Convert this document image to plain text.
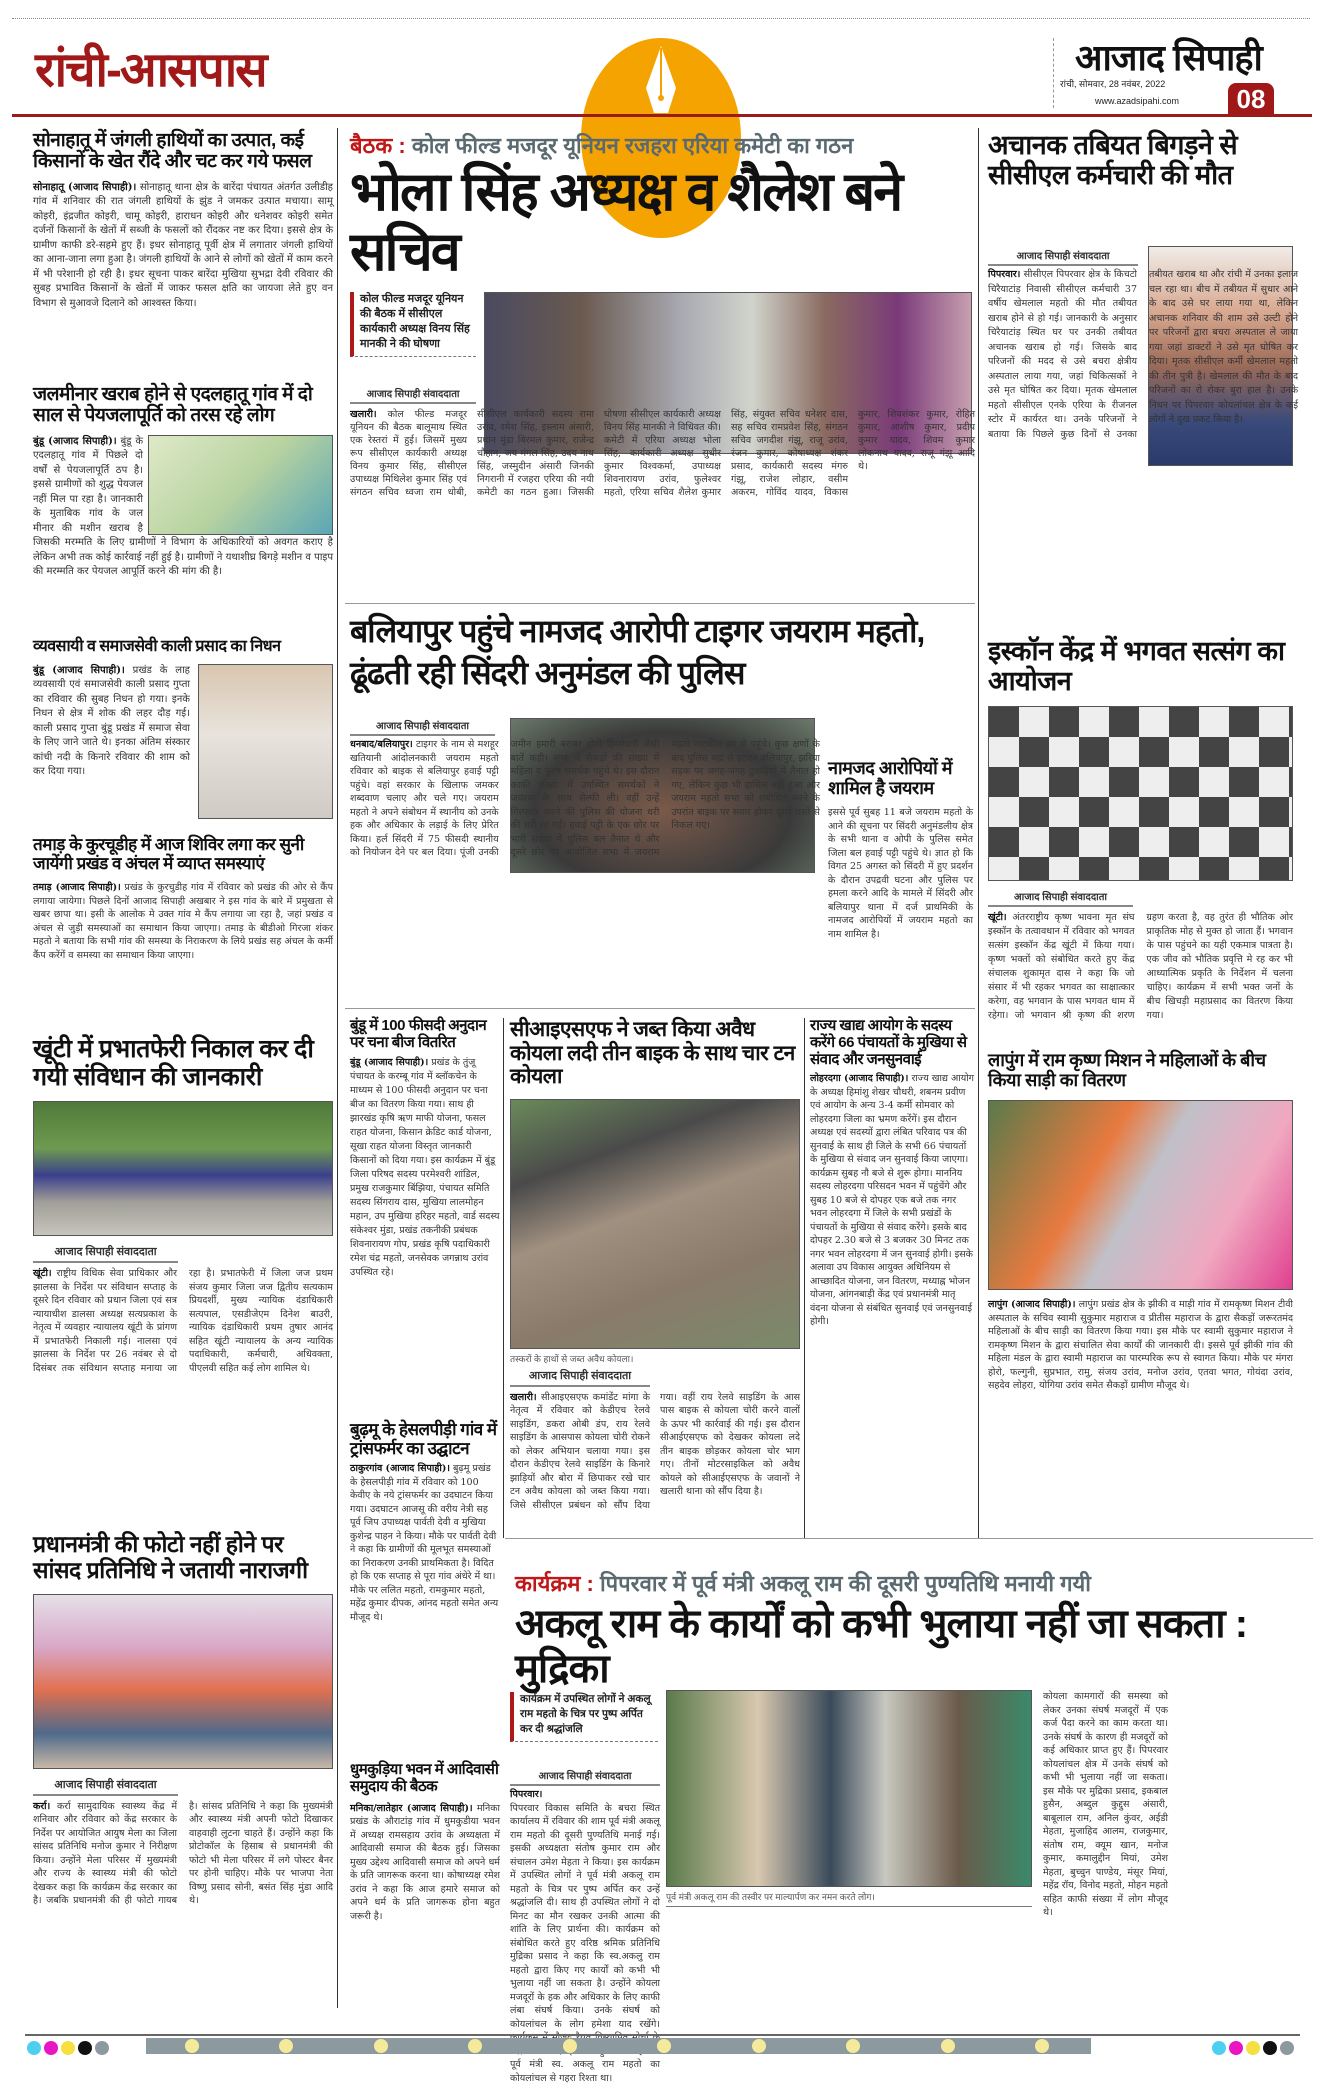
रांची-आसपास	आजाद सिपाही
रांची, सोमवार, 28 नवंबर, 2022
www.azadsipahi.com	08
सोनाहातू में जंगली हाथियों का उत्पात, कई किसानों के खेत रौंदे और चट कर गये फसल
सोनाहातू (आजाद सिपाही)। सोनाहातू थाना क्षेत्र के बारेंदा पंचायत अंतर्गत उलीडीह गांव में शनिवार की रात जंगली हाथियों के झुंड ने जमकर उत्पात मचाया। सामू कोइरी, इंद्रजीत कोइरी, चामू कोइरी, हाराधन कोइरी और धनेशवर कोइरी समेत दर्जनों किसानों के खेतों में सब्जी के फसलों को रौंदकर नष्ट कर दिया। इससे क्षेत्र के ग्रामीण काफी डरे-सहमे हुए हैं। इधर सोनाहातू पूर्वी क्षेत्र में लगातार जंगली हाथियों का आना-जाना लगा हुआ है। जंगली हाथियों के आने से लोगों को खेतों में काम करने में भी परेशानी हो रही है। इधर सूचना पाकर बारेंदा मुखिया सुभद्रा देवी रविवार की सुबह प्रभावित किसानों के खेतों में जाकर फसल क्षति का जायजा लेते हुए वन विभाग से मुआवजे दिलाने को आश्वस्त किया।
जलमीनार खराब होने से एदलहातू गांव में दो साल से पेयजलापूर्ति को तरस रहे लोग
बुंडू (आजाद सिपाही)। बुंडू के एदलहातू गांव में पिछले दो वर्षों से पेयजलापूर्ति ठप है। इससे ग्रामीणों को शुद्ध पेयजल नहीं मिल पा रहा है। जानकारी के मुताबिक गांव के जल मीनार की मशीन खराब है जिसकी मरम्मति के लिए ग्रामीणों ने विभाग के अधिकारियों को अवगत कराए है लेकिन अभी तक कोई कार्रवाई नहीं हुई है। ग्रामीणों ने यथाशीघ्र बिगड़े मशीन व पाइप की मरम्मति कर पेयजल आपूर्ति करने की मांग की है।
व्यवसायी व समाजसेवी काली प्रसाद का निधन
बुंडू (आजाद सिपाही)। प्रखंड के लाह व्यवसायी एवं समाजसेवी काली प्रसाद गुप्ता का रविवार की सुबह निधन हो गया। इनके निधन से क्षेत्र में शोक की लहर दौड़ गई। काली प्रसाद गुप्ता बुंडू प्रखंड में समाज सेवा के लिए जाने जाते थे। इनका अंतिम संस्कार कांची नदी के किनारे रविवार की शाम को कर दिया गया।
तमाड़ के कुरचूडीह में आज शिविर लगा कर सुनी जायेंगी प्रखंड व अंचल में व्याप्त समस्याएं
तमाड़ (आजाद सिपाही)। प्रखंड के कुरचुडीह गांव में रविवार को प्रखंड की ओर से कैंप लगाया जायेगा। पिछले दिनों आजाद सिपाही अखबार ने इस गांव के बारे में प्रमुखता से खबर छापा था। इसी के आलोक मे उक्त गांव मे कैंप लगाया जा रहा है, जहां प्रखंड व अंचल से जुड़ी समस्याओं का समाधान किया जाएगा। तमाड़ के बीडीओ गिरजा शंकर महतो ने बताया कि सभी गांव की समस्या के निराकरण के लिये प्रखंड सह अंचल के कर्मी कैंप करेंगें व समस्या का समाधान किया जाएगा।
खूंटी में प्रभातफेरी निकाल कर दी गयी संविधान की जानकारी
आजाद सिपाही संवाददाता
खूंटी। राष्ट्रीय विधिक सेवा प्राधिकार और झालसा के निर्देश पर संविधान सप्ताह के दूसरे दिन रविवार को प्रधान जिला एवं सत्र न्यायाधीश डालसा अध्यक्ष सत्यप्रकाश के नेतृत्व में व्यवहार न्यायालय खूंटी के प्रांगण में प्रभातफेरी निकाली गई। नालसा एवं झालसा के निर्देश पर 26 नवंबर से दो दिसंबर तक संविधान सप्ताह मनाया जा रहा है। प्रभातफेरी में जिला जज प्रथम संजय कुमार जिला जज द्वितीय सत्यकाम प्रियदर्शी, मुख्य न्यायिक दंडाधिकारी सत्यपाल, एसडीजेएम दिनेश बाउरी, न्यायिक दंडाधिकारी प्रथम तुषार आनंद सहित खूंटी न्यायालय के अन्य न्यायिक पदाधिकारी, कर्मचारी, अधिवक्ता, पीएलवी सहित कई लोग शामिल थे।
प्रधानमंत्री की फोटो नहीं होने पर सांसद प्रतिनिधि ने जतायी नाराजगी
आजाद सिपाही संवाददाता
कर्रा। कर्रा सामुदायिक स्वास्थ्य केंद्र में शनिवार और रविवार को केंद्र सरकार के निर्देश पर आयोजित आयुष मेला का जिला सांसद प्रतिनिधि मनोज कुमार ने निरीक्षण किया। उन्होंने मेला परिसर में मुख्यमंत्री और राज्य के स्वास्थ्य मंत्री की फोटो देखकर कहा कि कार्यक्रम केंद्र सरकार का है। जबकि प्रधानमंत्री की ही फोटो गायब है। सांसद प्रतिनिधि ने कहा कि मुख्यमंत्री और स्वास्थ्य मंत्री अपनी फोटो दिखाकर वाहवाही लुटना चाहते हैं। उन्होंने कहा कि प्रोटोकॉल के हिसाब से प्रधानमंत्री की फोटो भी मेला परिसर में लगे पोस्टर बैनर पर होनी चाहिए। मौके पर भाजपा नेता विष्णु प्रसाद सोनी, बसंत सिंह मुंडा आदि थे।
बैठक : कोल फील्ड मजदूर यूनियन रजहरा एरिया कमेटी का गठन
भोला सिंह अध्यक्ष व शैलेश बने सचिव
कोल फील्ड मजदूर यूनियन की बैठक में सीसीएल कार्यकारी अध्यक्ष विनय सिंह मानकी ने की घोषणा
आजाद सिपाही संवाददाता
खलारी। कोल फील्ड मजदूर यूनियन की बैठक बालूमाथ स्थित एक रेस्तरां में हुई। जिसमें मुख्य रूप सीसीएल कार्यकारी अध्यक्ष विनय कुमार सिंह, सीसीएल उपाध्यक्ष मिथिलेश कुमार सिंह एवं संगठन सचिव ध्वजा राम धोबी, सीसीएल कार्यकारी सदस्य रामा उरांव, रमेश सिंह, इस्लाम अंसारी, प्रधान मुंडा बिरमल कुमार, राजेन्द्र चौहान, जय मंगल सिंह, उदय नाथ सिंह, जस्मुदीन अंसारी जिनकी निगरानी में रजहरा एरिया की नयी कमेटी का गठन हुआ। जिसकी घोषणा सीसीएल कार्यकारी अध्यक्ष विनय सिंह मानकी ने विधिवत की। कमेटी में एरिया अध्यक्ष भोला सिंह, कार्यकारी अध्यक्ष सुधीर कुमार विश्वकर्मा, उपाध्यक्ष शिवनारायण उरांव, फुलेश्वर महतो, एरिया सचिव शैलेश कुमार सिंह, संयुक्त सचिव धनेशर दास, सह सचिव रामप्रवेश सिंह, संगठन सचिव जगदीश गंझू, राजू उरांव, रंजन कुमार, कोषाध्यक्ष शंकर प्रसाद, कार्यकारी सदस्य मंगरु गंझू, राजेश लोहार, वसीम अकरम, गोविंद यादव, विकास कुमार, शिवशंकर कुमार, रोहित कुमार, आशीष कुमार, प्रदीप कुमार यादव, शिवम कुमार लोकनाथ यादव, राजू गंझू आदि थे।
बलियापुर पहुंचे नामजद आरोपी टाइगर जयराम महतो, ढूंढती रही सिंदरी अनुमंडल की पुलिस
आजाद सिपाही संवाददाता
धनबाद/बलियापुर। टाइगर के नाम से मशहूर खतियानी आंदोलनकारी जयराम महतो रविवार को बाइक से बलियापुर हवाई पट्टी पहुंचे। वहां सरकार के खिलाफ जमकर शब्दवाण चलाए और चले गए। जयराम महतो ने अपने संबोधन में स्थानीय को उनके हक और अधिकार के लड़ाई के लिए प्रेरित किया। हर्ल सिंदरी में 75 फीसदी स्थानीय को नियोजन देने पर बल दिया। पूंजी उनकी जमीन हमारी बराबर होगी हिस्सेदारी जैसी बातें कही। सभा में सैकड़ों की संख्या में महिला व पुरुष समर्थक पहुंचे थे। इस दौरान काफी संख्या में उपस्थित समर्थकों ने जयराम के साथ सेल्फी ली। वहीं उन्हें गिरफ्तार करने की पुलिस की योजना धरी की धरी रह गई। हवाई पट्टी के एक छोर पर भारी संख्या में पुलिस बल तैनात थे और दूसरे छोर पर आयोजित सभा में जयराम महतो नाटकीय ढंग से पहुंचे। कुछ क्षणों के बाद पुलिस वहां से हटकर बलियापुर, झरिया सड़क पर जगह-जगह टुकड़ियों में तैनात हो गए, लेकिन कुछ भी हासिल नहीं हुआ और जयराम महतो सभा को संबोधित करने के उपरांत बाइक पर सवार होकर दूसरे रास्ते से निकल गए।
नामजद आरोपियों में शामिल है जयराम
इससे पूर्व सुबह 11 बजे जयराम महतो के आने की सूचना पर सिंदरी अनुमंडलीय क्षेत्र के सभी थाना व ओपी के पुलिस समेत जिला बल हवाई पट्टी पहुंचे थे। ज्ञात हो कि विगत 25 अगस्त को सिंदरी में हुए प्रदर्शन के दौरान उपद्रवी घटना और पुलिस पर हमला करने आदि के मामले में सिंदरी और बलियापुर थाना में दर्ज प्राथमिकी के नामजद आरोपियों में जयराम महतो का नाम शामिल है।
बुंडू में 100 फीसदी अनुदान पर चना बीज वितरित
बुंडू (आजाद सिपाही)। प्रखंड के तुंजू पंचायत के करम्बू गांव में ब्लॉकचेन के माध्यम से 100 फीसदी अनुदान पर चना बीज का वितरण किया गया। साथ ही झारखंड कृषि ऋण माफी योजना, फसल राहत योजना, किसान क्रेडिट कार्ड योजना, सूखा राहत योजना विस्तृत जानकारी किसानों को दिया गया। इस कार्यक्रम में बुंडू जिला परिषद सदस्य परमेश्वरी शांडिल, प्रमुख राजकुमार बिंझिया, पंचायत समिति सदस्य सिंगराय दास, मुखिया लालमोहन महान, उप मुखिया हरिहर महतो, वार्ड सदस्य संकेश्वर मुंडा, प्रखंड तकनीकी प्रबंधक शिवनारायण गोप, प्रखंड कृषि पदाधिकारी रमेश चंद्र महतो, जनसेवक जगन्नाथ उरांव उपस्थित रहे।
बुढ़मू के हेसलपीड़ी गांव में ट्रांसफर्मर का उद्घाटन
ठाकुरगांव (आजाद सिपाही)। बुढ़मू प्रखंड के हेसलपीड़ी गांव में रविवार को 100 केवीए के नये ट्रांसफर्मर का उदघाटन किया गया। उदघाटन आजसू की वरीय नेत्री सह पूर्व जिप उपाध्यक्ष पार्वती देवी व मुखिया कुशेन्द्र पाहन ने किया। मौके पर पार्वती देवी ने कहा कि ग्रामीणों की मूलभूत समस्याओं का निराकरण उनकी प्राथमिकता है। विदित हो कि एक सप्ताह से पूरा गांव अंधेरे में था। मौके पर ललित महतो, रामकुमार महतो, महेंद्र कुमार दीपक, आंनद महतो समेत अन्य मौजूद थे।
धुमकुड़िया भवन में आदिवासी समुदाय की बैठक
मनिका/लातेहार (आजाद सिपाही)। मनिका प्रखंड के औराटांड़ गांव में धुमकुडीया भवन में अध्यक्ष रामसहाय उरांव के अध्यक्षता में आदिवासी समाज की बैठक हुई। जिसका मुख्य उद्देश्य आदिवासी समाज को अपने धर्म के प्रति जागरूक करना था। कोषाध्यक्ष रमेश उरांव ने कहा कि आज हमारे समाज को अपने धर्म के प्रति जागरूक होना बहुत जरूरी है।
सीआइएसएफ ने जब्त किया अवैध कोयला लदी तीन बाइक के साथ चार टन कोयला
तस्करों के हाथों से जब्त अवैध कोयला।
आजाद सिपाही संवाददाता
खलारी। सीआइएसएफ कमांडेंट मांगा के नेतृत्व में रविवार को केडीएच रेलवे साइडिंग, डकरा ओबी डंप, राय रेलवे साइडिंग के आसपास कोयला चोरी रोकने को लेकर अभियान चलाया गया। इस दौरान केडीएच रेलवे साइडिंग के किनारे झाड़ियों और बोरा में छिपाकर रखे चार टन अवैध कोयला को जब्त किया गया। जिसे सीसीएल प्रबंधन को सौंप दिया गया। वहीं राय रेलवे साइडिंग के आस पास बाइक से कोयला चोरी करने वालों के ऊपर भी कार्रवाई की गई। इस दौरान सीआईएसएफ को देखकर कोयला लदे तीन बाइक छोड़कर कोयला चोर भाग गए। तीनों मोटरसाइकिल को अवैध कोयले को सीआईएसएफ के जवानों ने खलारी थाना को सौंप दिया है।
राज्य खाद्य आयोग के सदस्य करेंगे 66 पंचायतों के मुखिया से संवाद और जनसुनवाई
लोहरदगा (आजाद सिपाही)। राज्य खाद्य आयोग के अध्यक्ष हिमांशु शेखर चौधरी, शबनम प्रवीण एवं आयोग के अन्य 3-4 कर्मी सोमवार को लोहरदगा जिला का भ्रमण करेंगें। इस दौरान अध्यक्ष एवं सदस्यों द्वारा लंबित परिवाद पत्र की सुनवाई के साथ ही जिले के सभी 66 पंचायतों के मुखिया से संवाद जन सुनवाई किया जाएगा। कार्यक्रम सुबह नौ बजे से शुरू होगा। माननिय सदस्य लोहरदगा परिसदन भवन में पहुंचेंगे और सुबह 10 बजे से दोपहर एक बजे तक नगर भवन लोहरदगा में जिले के सभी प्रखंडों के पंचायतों के मुखिया से संवाद करेंगे। इसके बाद दोपहर 2.30 बजे से 3 बजकर 30 मिनट तक नगर भवन लोहरदगा में जन सुनवाई होगी। इसके अलावा उप विकास आयुक्त अधिनियम से आच्छादित योजना, जन वितरण, मध्याह्न भोजन योजना, आंगनबाड़ी केंद्र एवं प्रधानमंत्री मातृ वंदना योजना से संबंधित सुनवाई एवं जनसुनवाई होगी।
अचानक तबियत बिगड़ने से सीसीएल कर्मचारी की मौत
आजाद सिपाही संवाददाता
पिपरवार। सीसीएल पिपरवार क्षेत्र के किचटो चिरैयाटांड़ निवासी सीसीएल कर्मचारी 37 वर्षीय खेमलाल महतो की मौत तबीयत खराब होने से हो गई। जानकारी के अनुसार चिरैयाटांड़ स्थित घर पर उनकी तबीयत अचानक खराब हो गई। जिसके बाद परिजनों की मदद से उसे बचरा क्षेत्रीय अस्पताल लाया गया, जहां चिकित्सकों ने उसे मृत घोषित कर दिया। मृतक खेमलाल महतो सीसीएल एनके एरिया के रीजनल स्टोर में कार्यरत था। उनके परिजनों ने बताया कि पिछले कुछ दिनों से उनका तबीयत खराब था और रांची में उनका इलाज चल रहा था। बीच में तबीयत में सुधार आने के बाद उसे घर लाया गया था, लेकिन अचानक शनिवार की शाम उसे उल्टी होने पर परिजनों द्वारा बचरा अस्पताल ले जाया गया जहां डाक्टरों ने उसे मृत घोषित कर दिया। मृतक सीसीएल कर्मी खेमलाल महतो की तीन पुत्री है। खेमलाल की मौत के बाद परिजनों का रो रोकर बुरा हाल है। उनके निधन पर पिपरवार कोयलांचल क्षेत्र के कई लोगों ने दुख प्रकट किया है।
इस्कॉन केंद्र में भगवत सत्संग का आयोजन
आजाद सिपाही संवाददाता
खूंटी। अंतरराष्ट्रीय कृष्ण भावना मृत संघ इस्कॉन के तत्वावधान में रविवार को भगवत सत्संग इस्कॉन केंद्र खूंटी में किया गया। कृष्ण भक्तों को संबोधित करते हुए केंद्र संचालक शुकामृत दास ने कहा कि जो संसार में भी रहकर भगवत का साक्षात्कार करेगा, वह भगवान के पास भगवत धाम में रहेगा। जो भगवान श्री कृष्ण की शरण ग्रहण करता है, वह तुरंत ही भौतिक ओर प्राकृतिक मोह से मुक्त हो जाता हैं। भगवान के पास पहुंचने का यही एकमात्र पात्रता है। एक जीव को भौतिक प्रवृत्ति मे रह कर भी आध्यात्मिक प्रकृति के निर्देशन में चलना चाहिए। कार्यक्रम में सभी भक्त जनों के बीच खिचड़ी महाप्रसाद का वितरण किया गया।
लापुंग में राम कृष्ण मिशन ने महिलाओं के बीच किया साड़ी का वितरण
लापुंग (आजाद सिपाही)। लापुंग प्रखंड क्षेत्र के झीकी व माड़ी गांव में रामकृष्ण मिशन टीवी अस्पताल के सचिव स्वामी सुकुमार महाराज व प्रीतीस महाराज के द्वारा सैकड़ों जरूरतमंद महिलाओं के बीच साड़ी का वितरण किया गया। इस मौके पर स्वामी सुकुमार महाराज ने रामकृष्ण मिशन के द्वारा संचालित सेवा कार्यों की जानकारी दी। इससे पूर्व झीकी गांव की महिला मंडल के द्वारा स्वामी महाराज का पारम्परिक रूप से स्वागत किया। मौके पर मंगरा होरो, फल्गुनी, सुप्रभात, रामु, संजय उरांव, मनोज उरांव, एतवा भगत, गोयंदा उरांव, सहदेव लोहरा, योगिया उरांव समेत सैकड़ों ग्रामीण मौजूद थे।
कार्यक्रम : पिपरवार में पूर्व मंत्री अकलू राम की दूसरी पुण्यतिथि मनायी गयी
अकलू राम के कार्यों को कभी भुलाया नहीं जा सकता : मुद्रिका
कार्यक्रम में उपस्थित लोगों ने अकलू राम महतो के चित्र पर पुष्प अर्पित कर दी श्रद्धांजलि
आजाद सिपाही संवाददाता
पूर्व मंत्री अकलू राम की तस्वीर पर माल्यार्पण कर नमन करते लोग।
पिपरवार।
पिपरवार विकास समिति के बचरा स्थित कार्यालय में रविवार की शाम पूर्व मंत्री अकलू राम महतो की दूसरी पुण्यतिथि मनाई गई। इसकी अध्यक्षता संतोष कुमार राम और संचालन उमेश मेहता ने किया। इस कार्यक्रम में उपस्थित लोगों ने पूर्व मंत्री अकलू राम महतो के चित्र पर पुष्प अर्पित कर उन्हें श्रद्धांजलि दी। साथ ही उपस्थित लोगों ने दो मिनट का मौन रखकर उनकी आत्मा की शांति के लिए प्रार्थना की। कार्यक्रम को संबोधित करते हुए वरिष्ठ श्रमिक प्रतिनिधि मुद्रिका प्रसाद ने कहा कि स्व.अकलु राम महतो द्वारा किए गए कार्यों को कभी भी भुलाया नहीं जा सकता है। उन्होंने कोयला मजदूरों के हक और अधिकार के लिए काफी लंबा संघर्ष किया। उनके संघर्ष को कोयलांचल के लोग हमेशा याद रखेंगे। पूर्व मंत्री स्व. अकलू राम महतो का कोयलांचल से गहरा रिश्ता था।
कोयला कामगारों की समस्या को लेकर उनका संघर्ष मजदूरों में एक कर्ज पैदा करने का काम करता था। उनके संघर्ष के कारण ही मजदूरों को कई अधिकार प्राप्त हुए हैं। पिपरवार कोयलांचल क्षेत्र में उनके संघर्ष को कभी भी भुलाया नहीं जा सकता। इस मौके पर मुद्रिका प्रसाद, इकबाल हुसैन, अब्दुल कुद्दुस अंसारी, बाबूलाल राम, अनिल कुंवर, अईडी मेहता, मुजाहिद आलम, राजकुमार, संतोष राम, क्यूम खान, मनोज कुमार, कमालुद्दीन मियां, उमेश मेहता, बुच्चुन पाण्डेय, मंसूर मियां, महेंद्र रॉय, विनोद महतो, मोहन महतो सहित काफी संख्या में लोग मौजूद थे।
